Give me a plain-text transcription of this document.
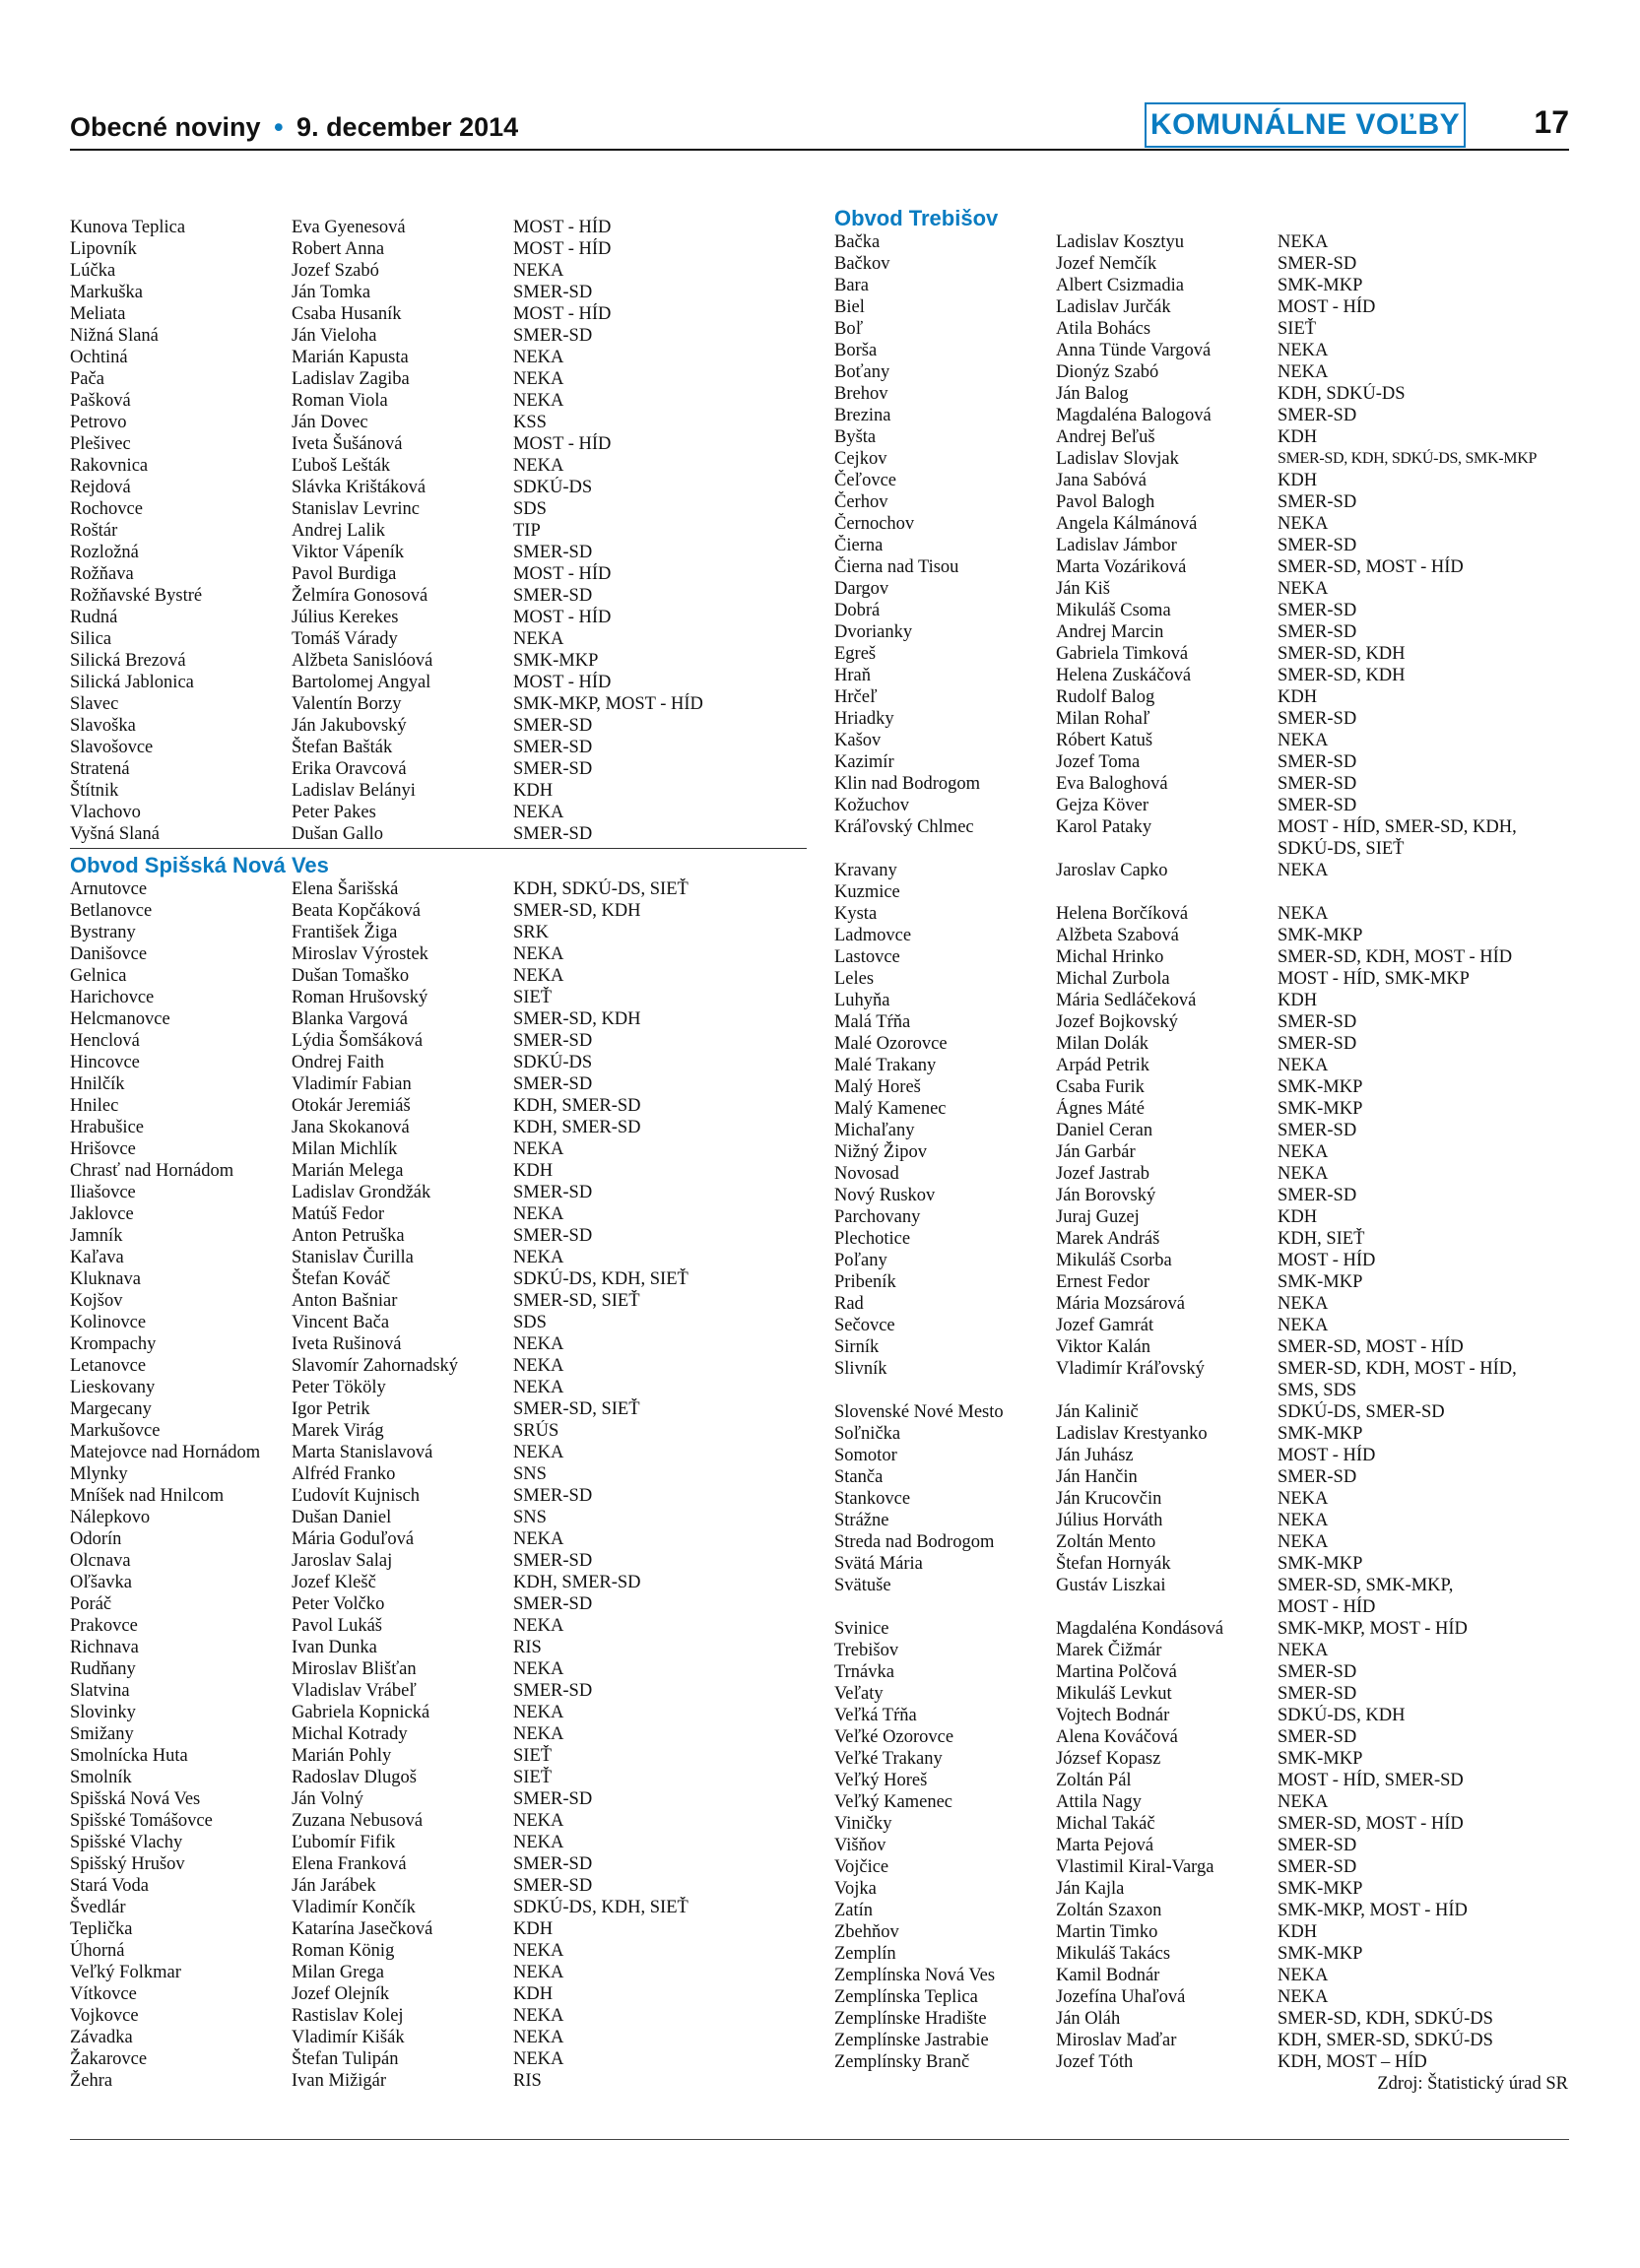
Obecné noviny • 9. december 2014	KOMUNÁLNE VOĽBY 17
Kunova Teplica	Eva Gyenesová	MOST - HÍD
Lipovník	Robert Anna	MOST - HÍD
Lúčka	Jozef Szabó	NEKA
Markuška	Ján Tomka	SMER-SD
Meliata	Csaba Husaník	MOST - HÍD
Nižná Slaná	Ján Vieloha	SMER-SD
Ochtiná	Marián Kapusta	NEKA
Pača	Ladislav Zagiba	NEKA
Pašková	Roman Viola	NEKA
Petrovo	Ján Dovec	KSS
Plešivec	Iveta Šušánová	MOST - HÍD
Rakovnica	Ľuboš Lešták	NEKA
Rejdová	Slávka Krištáková	SDKÚ-DS
Rochovce	Stanislav Levrinc	SDS
Roštár	Andrej Lalik	TIP
Rozložná	Viktor Vápeník	SMER-SD
Rožňava	Pavol Burdiga	MOST - HÍD
Rožňavské Bystré	Želmíra Gonosová	SMER-SD
Rudná	Július Kerekes	MOST - HÍD
Silica	Tomáš Várady	NEKA
Silická Brezová	Alžbeta Sanislóová	SMK-MKP
Silická Jablonica	Bartolomej Angyal	MOST - HÍD
Slavec	Valentín Borzy	SMK-MKP, MOST - HÍD
Slavoška	Ján Jakubovský	SMER-SD
Slavošovce	Štefan Bašták	SMER-SD
Stratená	Erika Oravcová	SMER-SD
Štítnik	Ladislav Belányi	KDH
Vlachovo	Peter Pakes	NEKA
Vyšná Slaná	Dušan Gallo	SMER-SD
Obvod Spišská Nová Ves
Arnutovce	Elena Šarišská	KDH, SDKÚ-DS, SIEŤ
Betlanovce	Beata Kopčáková	SMER-SD, KDH
Bystrany	František Žiga	SRK
Danišovce	Miroslav Výrostek	NEKA
Gelnica	Dušan Tomaško	NEKA
Harichovce	Roman Hrušovský	SIEŤ
Helcmanovce	Blanka Vargová	SMER-SD, KDH
Henclová	Lýdia Šomšáková	SMER-SD
Hincovce	Ondrej Faith	SDKÚ-DS
Hnilčík	Vladimír Fabian	SMER-SD
Hnilec	Otokár Jeremiáš	KDH, SMER-SD
Hrabušice	Jana Skokanová	KDH, SMER-SD
Hrišovce	Milan Michlík	NEKA
Chrasť nad Hornádom	Marián Melega	KDH
Iliašovce	Ladislav Grondžák	SMER-SD
Jaklovce	Matúš Fedor	NEKA
Jamník	Anton Petruška	SMER-SD
Kaľava	Stanislav Čurilla	NEKA
Kluknava	Štefan Kováč	SDKÚ-DS, KDH, SIEŤ
Kojšov	Anton Bašniar	SMER-SD, SIEŤ
Kolinovce	Vincent Bača	SDS
Krompachy	Iveta Rušinová	NEKA
Letanovce	Slavomír Zahornadský	NEKA
Lieskovany	Peter Tököly	NEKA
Margecany	Igor Petrik	SMER-SD, SIEŤ
Markušovce	Marek Virág	SRÚS
Matejovce nad Hornádom	Marta Stanislavová	NEKA
Mlynky	Alfréd Franko	SNS
Mníšek nad Hnilcom	Ľudovít Kujnisch	SMER-SD
Nálepkovo	Dušan Daniel	SNS
Odorín	Mária Goduľová	NEKA
Olcnava	Jaroslav Salaj	SMER-SD
Oľšavka	Jozef Klešč	KDH, SMER-SD
Poráč	Peter Volčko	SMER-SD
Prakovce	Pavol Lukáš	NEKA
Richnava	Ivan Dunka	RIS
Rudňany	Miroslav Blišťan	NEKA
Slatvina	Vladislav Vrábeľ	SMER-SD
Slovinky	Gabriela Kopnická	NEKA
Smižany	Michal Kotrady	NEKA
Smolnícka Huta	Marián Pohly	SIEŤ
Smolník	Radoslav Dlugoš	SIEŤ
Spišská Nová Ves	Ján Volný	SMER-SD
Spišské Tomášovce	Zuzana Nebusová	NEKA
Spišské Vlachy	Ľubomír Fifik	NEKA
Spišský Hrušov	Elena Franková	SMER-SD
Stará Voda	Ján Jarábek	SMER-SD
Švedlár	Vladimír Končík	SDKÚ-DS, KDH, SIEŤ
Teplička	Katarína Jasečková	KDH
Úhorná	Roman König	NEKA
Veľký Folkmar	Milan Grega	NEKA
Vítkovce	Jozef Olejník	KDH
Vojkovce	Rastislav Kolej	NEKA
Závadka	Vladimír Kišák	NEKA
Žakarovce	Štefan Tulipán	NEKA
Žehra	Ivan Mižigár	RIS
Obvod Trebišov
Bačka	Ladislav Kosztyu	NEKA
Bačkov	Jozef Nemčík	SMER-SD
Bara	Albert Csizmadia	SMK-MKP
Biel	Ladislav Jurčák	MOST - HÍD
Boľ	Atila Bohács	SIEŤ
Borša	Anna Tünde Vargová	NEKA
Boťany	Dionýz Szabó	NEKA
Brehov	Ján Balog	KDH, SDKÚ-DS
Brezina	Magdaléna Balogová	SMER-SD
Byšta	Andrej Beľuš	KDH
Cejkov	Ladislav Slovjak	SMER-SD, KDH, SDKÚ-DS, SMK-MKP
Čeľovce	Jana Sabóvá	KDH
Čerhov	Pavol Balogh	SMER-SD
Černochov	Angela Kálmánová	NEKA
Čierna	Ladislav Jámbor	SMER-SD
Čierna nad Tisou	Marta Vozáriková	SMER-SD, MOST - HÍD
Dargov	Ján Kiš	NEKA
Dobrá	Mikuláš Csoma	SMER-SD
Dvorianky	Andrej Marcin	SMER-SD
Egreš	Gabriela Timková	SMER-SD, KDH
Hraň	Helena Zuskáčová	SMER-SD, KDH
Hrčeľ	Rudolf Balog	KDH
Hriadky	Milan Rohaľ	SMER-SD
Kašov	Róbert Katuš	NEKA
Kazimír	Jozef Toma	SMER-SD
Klin nad Bodrogom	Eva Baloghová	SMER-SD
Kožuchov	Gejza Köver	SMER-SD
Kráľovský Chlmec	Karol Pataky	MOST - HÍD, SMER-SD, KDH,
SDKÚ-DS, SIEŤ
Kravany	Jaroslav Capko	NEKA
Kuzmice
Kysta	Helena Borčíková	NEKA
Ladmovce	Alžbeta Szabová	SMK-MKP
Lastovce	Michal Hrinko	SMER-SD, KDH, MOST - HÍD
Leles	Michal Zurbola	MOST - HÍD, SMK-MKP
Luhyňa	Mária Sedláčeková	KDH
Malá Tŕňa	Jozef Bojkovský	SMER-SD
Malé Ozorovce	Milan Dolák	SMER-SD
Malé Trakany	Arpád Petrik	NEKA
Malý Horeš	Csaba Furik	SMK-MKP
Malý Kamenec	Ágnes Máté	SMK-MKP
Michaľany	Daniel Ceran	SMER-SD
Nižný Žipov	Ján Garbár	NEKA
Novosad	Jozef Jastrab	NEKA
Nový Ruskov	Ján Borovský	SMER-SD
Parchovany	Juraj Guzej	KDH
Plechotice	Marek Andráš	KDH, SIEŤ
Poľany	Mikuláš Csorba	MOST - HÍD
Pribeník	Ernest Fedor	SMK-MKP
Rad	Mária Mozsárová	NEKA
Sečovce	Jozef Gamrát	NEKA
Sirník	Viktor Kalán	SMER-SD, MOST - HÍD
Slivník	Vladimír Kráľovský	SMER-SD, KDH, MOST - HÍD,
SMS, SDS
Slovenské Nové Mesto	Ján Kalinič	SDKÚ-DS, SMER-SD
Soľnička	Ladislav Krestyanko	SMK-MKP
Somotor	Ján Juhász	MOST - HÍD
Stanča	Ján Hančin	SMER-SD
Stankovce	Ján Krucovčin	NEKA
Strážne	Július Horváth	NEKA
Streda nad Bodrogom	Zoltán Mento	NEKA
Svätá Mária	Štefan Hornyák	SMK-MKP
Svätuše	Gustáv Liszkai	SMER-SD, SMK-MKP,
MOST - HÍD
Svinice	Magdaléna Kondásová	SMK-MKP, MOST - HÍD
Trebišov	Marek Čižmár	NEKA
Trnávka	Martina Polčová	SMER-SD
Veľaty	Mikuláš Levkut	SMER-SD
Veľká Tŕňa	Vojtech Bodnár	SDKÚ-DS, KDH
Veľké Ozorovce	Alena Kováčová	SMER-SD
Veľké Trakany	József Kopasz	SMK-MKP
Veľký Horeš	Zoltán Pál	MOST - HÍD, SMER-SD
Veľký Kamenec	Attila Nagy	NEKA
Viničky	Michal Takáč	SMER-SD, MOST - HÍD
Višňov	Marta Pejová	SMER-SD
Vojčice	Vlastimil Kiral-Varga	SMER-SD
Vojka	Ján Kajla	SMK-MKP
Zatín	Zoltán Szaxon	SMK-MKP, MOST - HÍD
Zbehňov	Martin Timko	KDH
Zemplín	Mikuláš Takács	SMK-MKP
Zemplínska Nová Ves	Kamil Bodnár	NEKA
Zemplínska Teplica	Jozefína Uhaľová	NEKA
Zemplínske Hradište	Ján Oláh	SMER-SD, KDH, SDKÚ-DS
Zemplínske Jastrabie	Miroslav Maďar	KDH, SMER-SD, SDKÚ-DS
Zemplínsky Branč	Jozef Tóth	KDH, MOST – HÍD
Zdroj: Štatistický úrad SR
